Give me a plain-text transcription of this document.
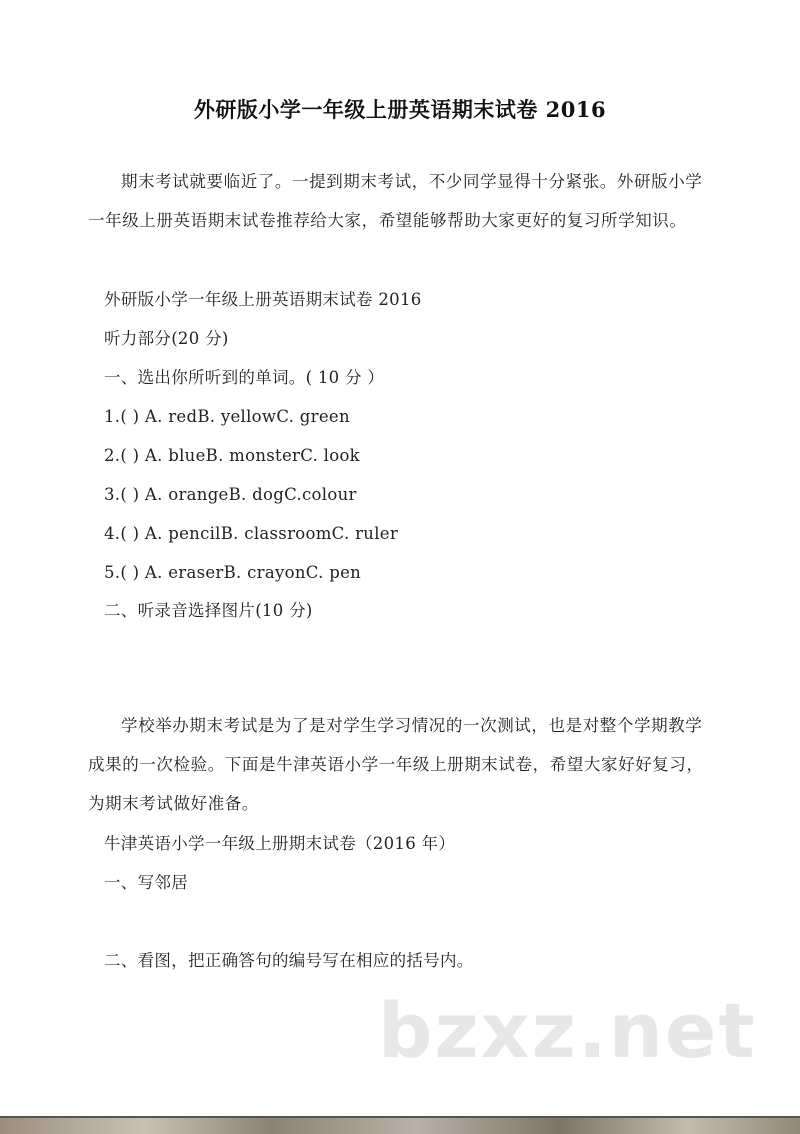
外研版小学一年级上册英语期末试卷 2016
期末考试就要临近了。一提到期末考试，不少同学显得十分紧张。外研版小学一年级上册英语期末试卷推荐给大家，希望能够帮助大家更好的复习所学知识。
外研版小学一年级上册英语期末试卷 2016
听力部分(20 分)
一、选出你所听到的单词。( 10 分 ）
1.( ) A. redB. yellowC. green
2.( ) A. blueB. monsterC. look
3.( ) A. orangeB. dogC.colour
4.( ) A. pencilB. classroomC. ruler
5.( ) A. eraserB. crayonC. pen
二、听录音选择图片(10 分)
学校举办期末考试是为了是对学生学习情况的一次测试，也是对整个学期教学成果的一次检验。下面是牛津英语小学一年级上册期末试卷，希望大家好好复习，为期末考试做好准备。
牛津英语小学一年级上册期末试卷（2016 年）
一、写邻居
二、看图，把正确答句的编号写在相应的括号内。
bzxz.net
